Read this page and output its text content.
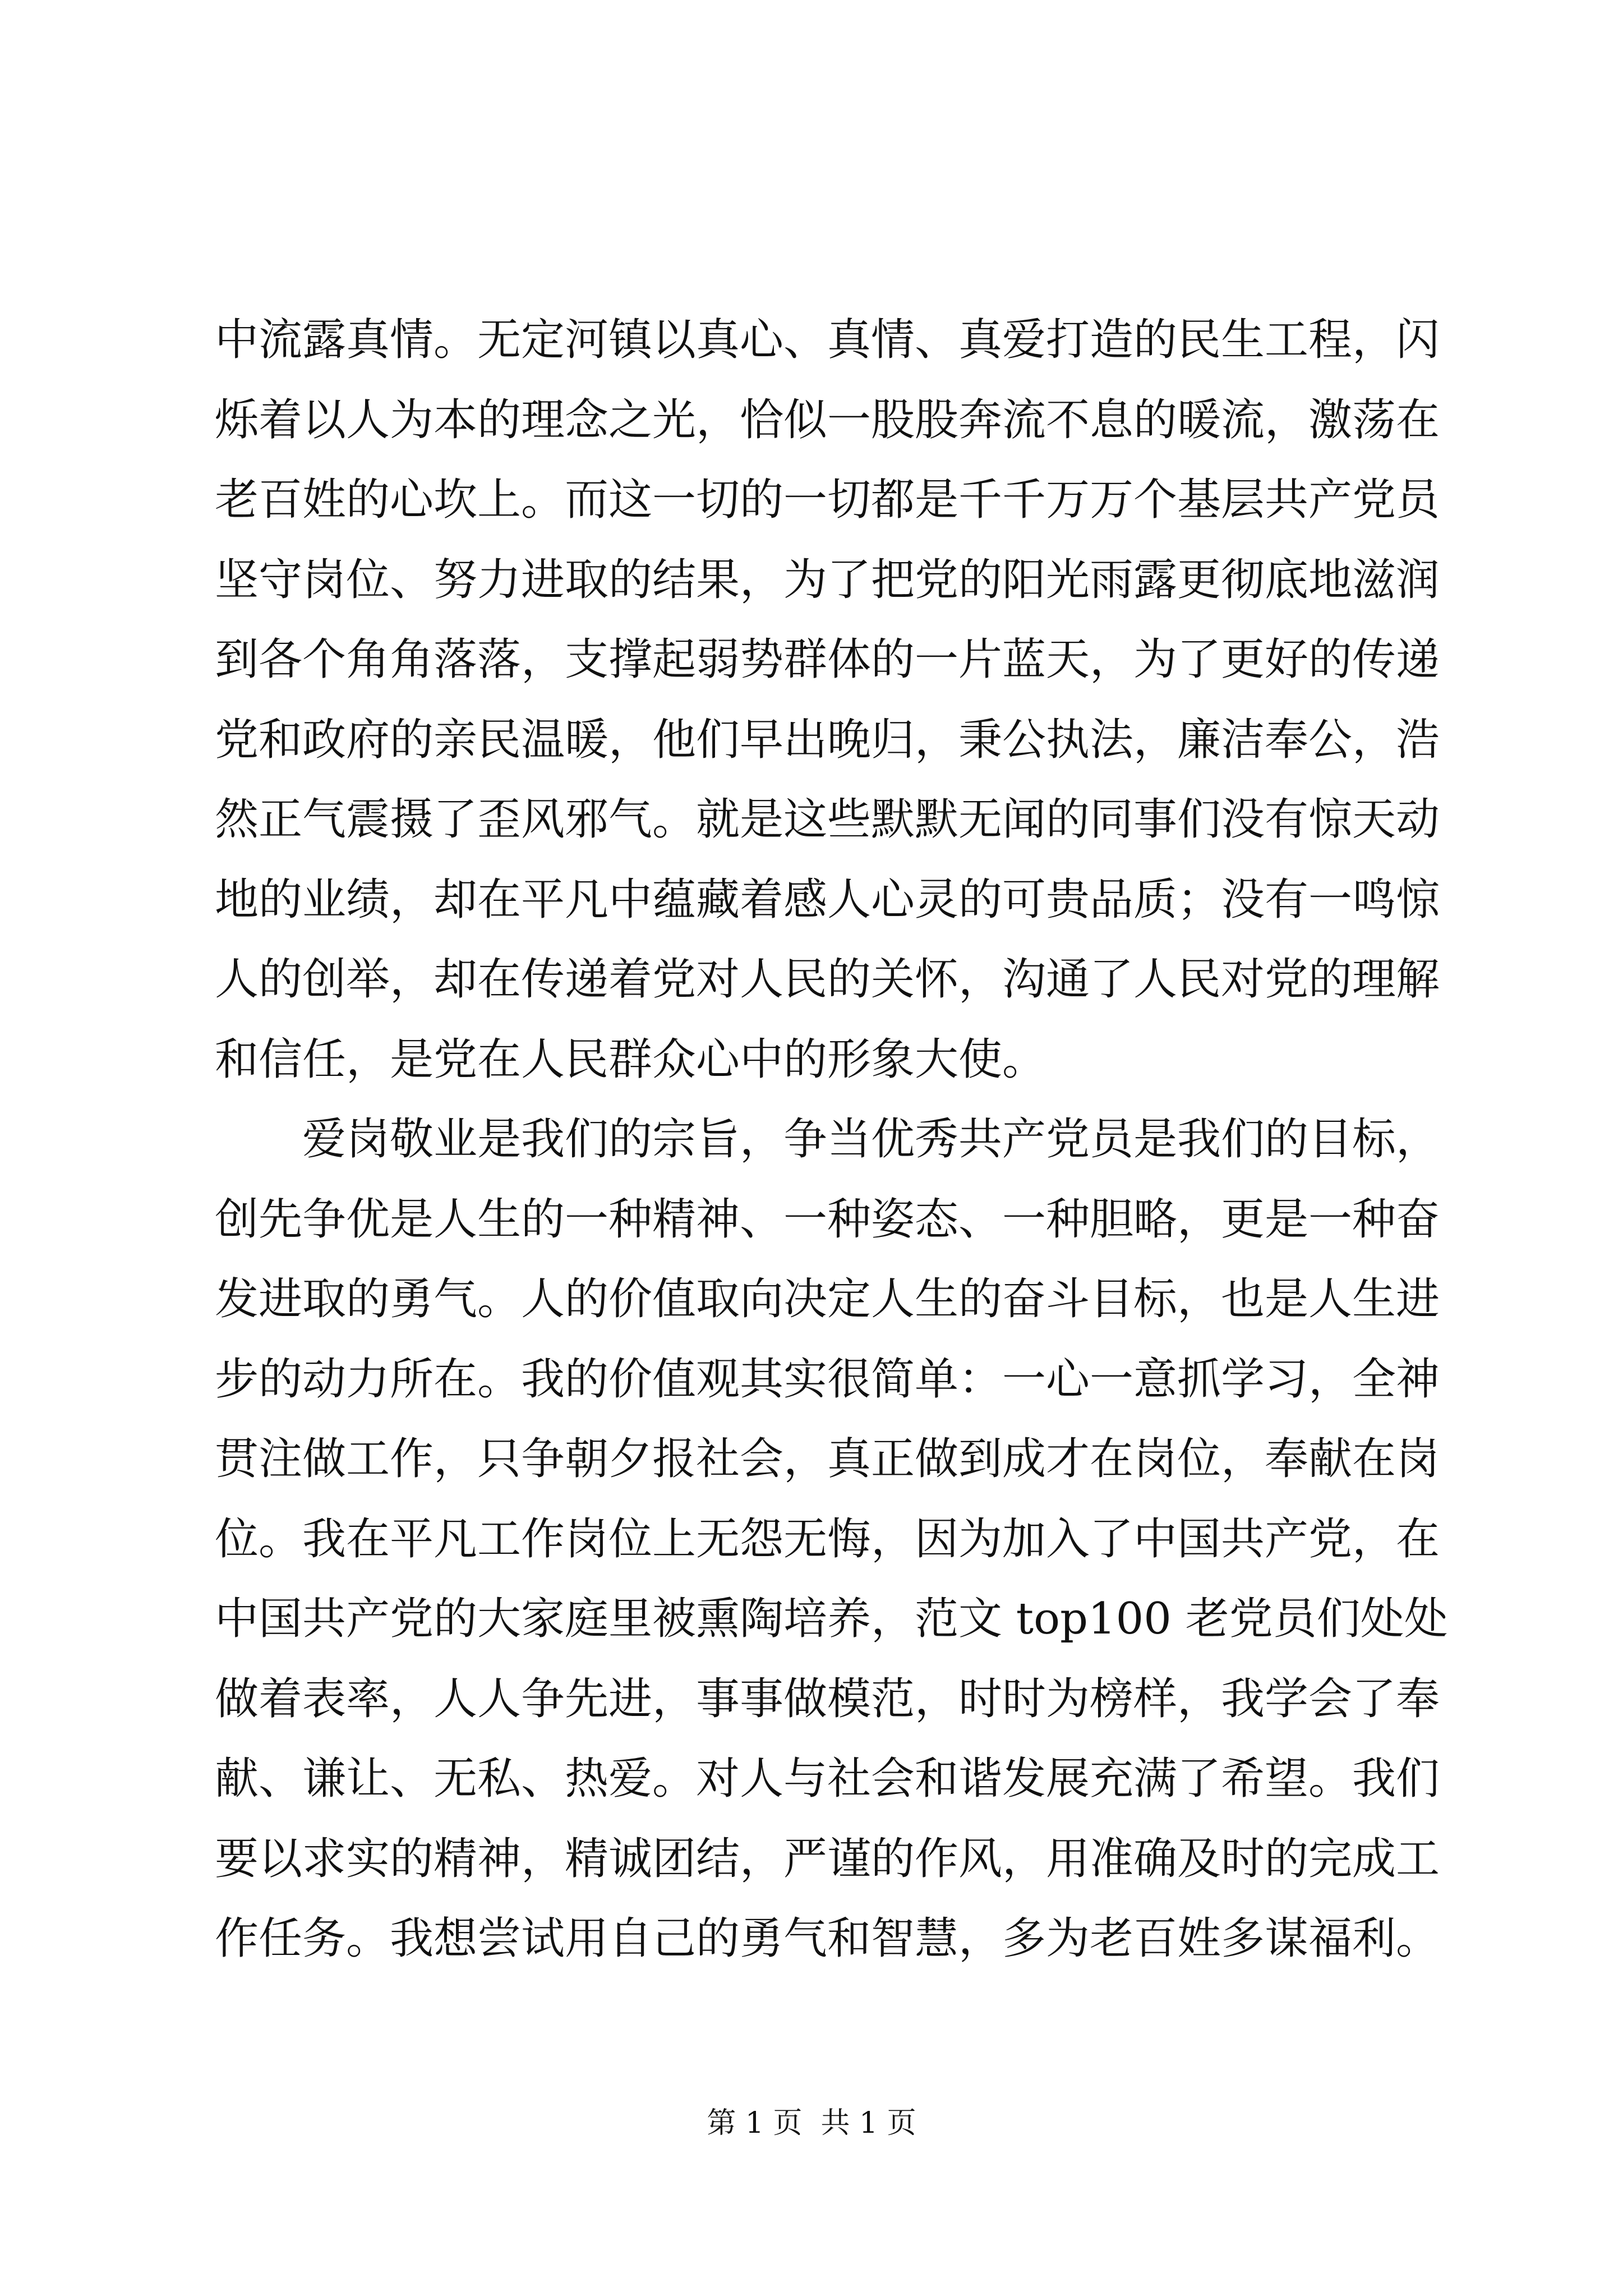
中流露真情。无定河镇以真心、真情、真爱打造的民生工程，闪
烁着以人为本的理念之光，恰似一股股奔流不息的暖流，激荡在
老百姓的心坎上。而这一切的一切都是千千万万个基层共产党员
坚守岗位、努力进取的结果，为了把党的阳光雨露更彻底地滋润
到各个角角落落，支撑起弱势群体的一片蓝天，为了更好的传递
党和政府的亲民温暖，他们早出晚归，秉公执法，廉洁奉公，浩
然正气震摄了歪风邪气。就是这些默默无闻的同事们没有惊天动
地的业绩，却在平凡中蕴藏着感人心灵的可贵品质；没有一鸣惊
人的创举，却在传递着党对人民的关怀，沟通了人民对党的理解
和信任，是党在人民群众心中的形象大使。
爱岗敬业是我们的宗旨，争当优秀共产党员是我们的目标，
创先争优是人生的一种精神、一种姿态、一种胆略，更是一种奋
发进取的勇气。人的价值取向决定人生的奋斗目标，也是人生进
步的动力所在。我的价值观其实很简单：一心一意抓学习，全神
贯注做工作，只争朝夕报社会，真正做到成才在岗位，奉献在岗
位。我在平凡工作岗位上无怨无悔，因为加入了中国共产党，在
中国共产党的大家庭里被熏陶培养，范文 top100 老党员们处处
做着表率，人人争先进，事事做模范，时时为榜样，我学会了奉
献、谦让、无私、热爱。对人与社会和谐发展充满了希望。我们
要以求实的精神，精诚团结，严谨的作风，用准确及时的完成工
作任务。我想尝试用自己的勇气和智慧，多为老百姓多谋福利。
第 1 页  共 1 页
